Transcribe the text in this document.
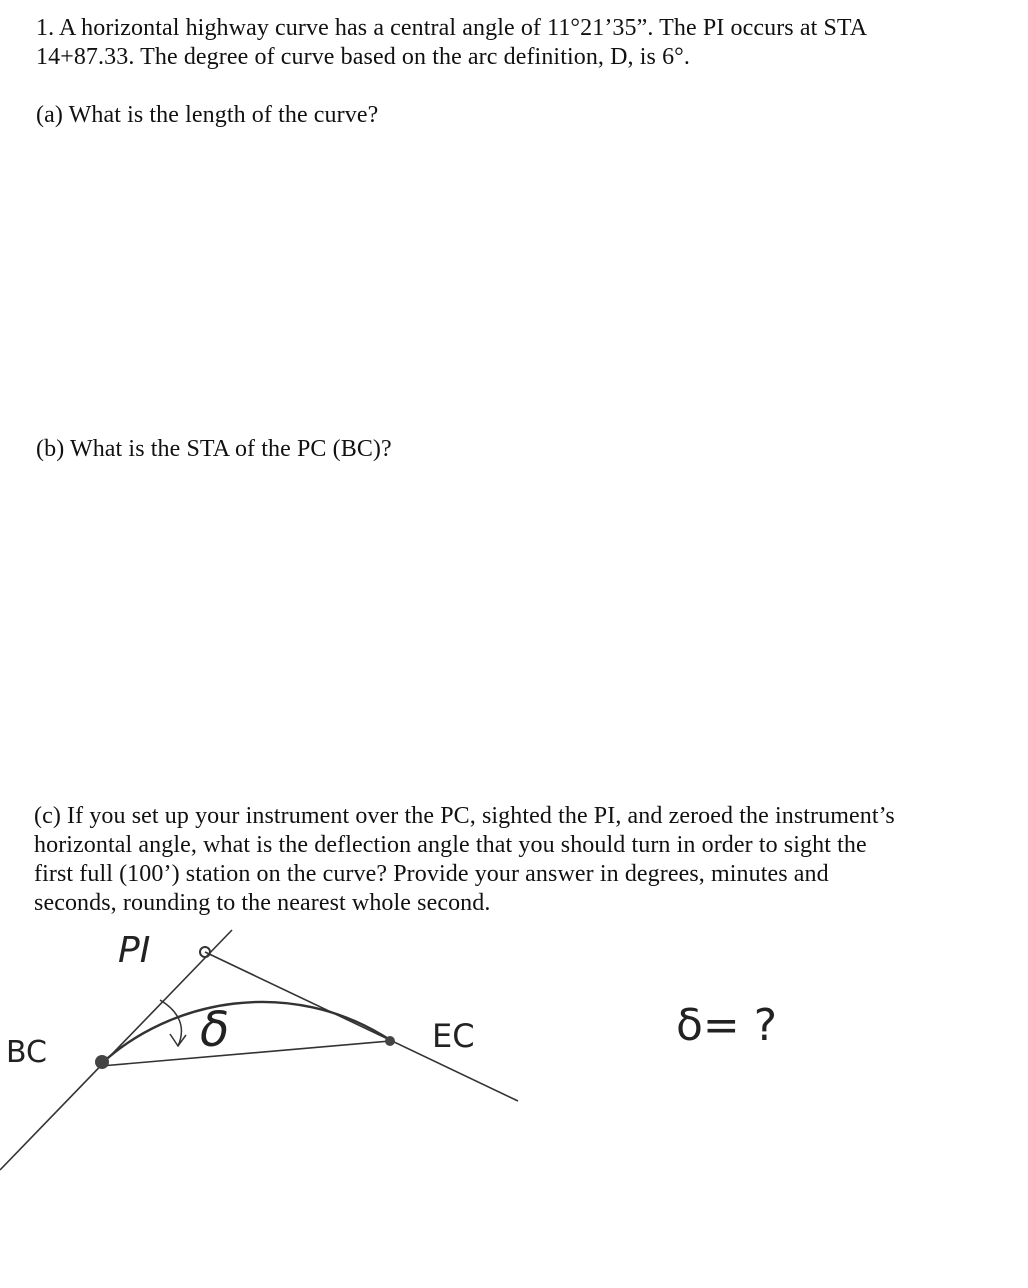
1. A horizontal highway curve has a central angle of 11°21’35”. The PI occurs at STA
14+87.33. The degree of curve based on the arc definition, D, is 6°.
(a) What is the length of the curve?
(b) What is the STA of the PC (BC)?
(c) If you set up your instrument over the PC, sighted the PI, and zeroed the instrument’s
horizontal angle, what is the deflection angle that you should turn in order to sight the
first full (100’) station on the curve? Provide your answer in degrees, minutes and
seconds, rounding to the nearest whole second.
PI
BC	EC
δ	δ= ?
